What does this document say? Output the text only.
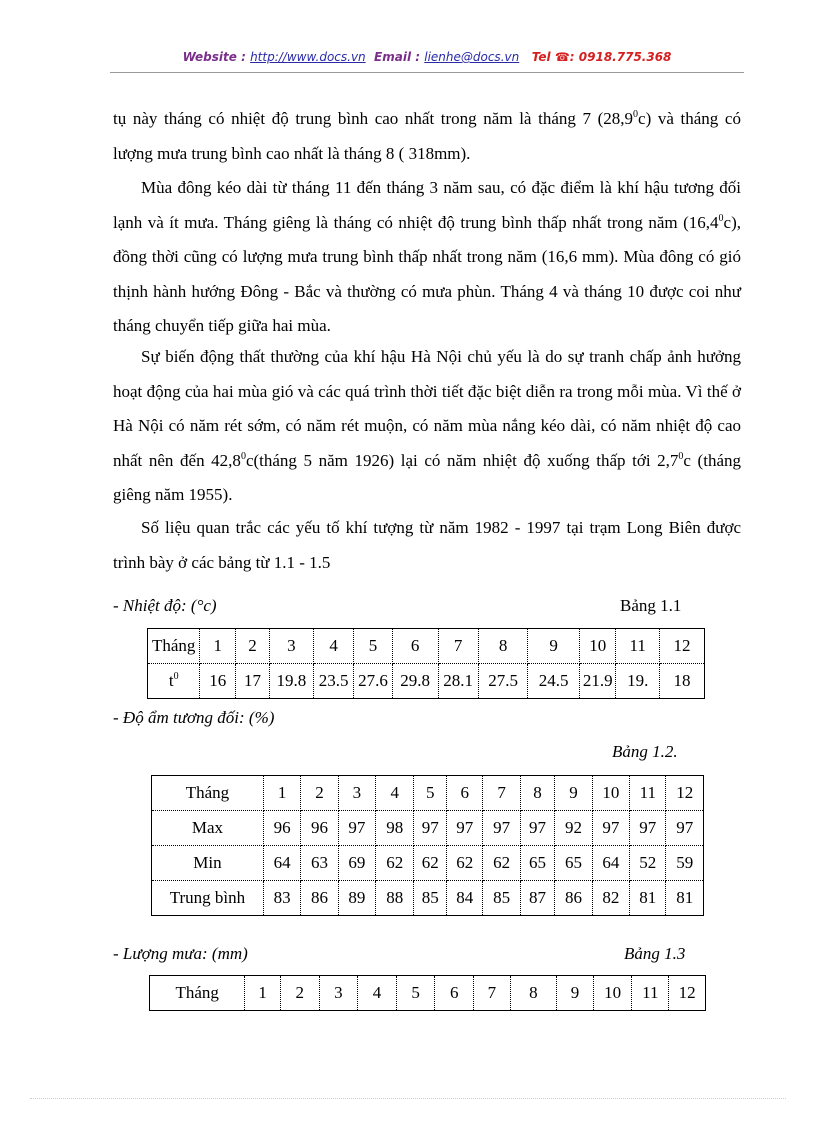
Website : http://www.docs.vn Email : lienhe@docs.vn Tel ☎: 0918.775.368

tụ này tháng có nhiệt độ trung bình cao nhất trong năm là tháng 7 (28,9$^0$c) và tháng có lượng mưa trung bình cao nhất là tháng 8 ( 318mm).

Mùa đông kéo dài từ tháng 11 đến tháng 3 năm sau, có đặc điểm là khí hậu tương đối lạnh và ít mưa. Tháng giêng là tháng có nhiệt độ trung bình thấp nhất trong năm (16,4$^0$c), đồng thời cũng có lượng mưa trung bình thấp nhất trong năm (16,6 mm). Mùa đông có gió thịnh hành hướng Đông - Bắc và thường có mưa phùn. Tháng 4 và tháng 10 được coi như tháng chuyển tiếp giữa hai mùa.

Sự biến động thất thường của khí hậu Hà Nội chủ yếu là do sự tranh chấp ảnh hưởng hoạt động của hai mùa gió và các quá trình thời tiết đặc biệt diễn ra trong mỗi mùa. Vì thế ở Hà Nội có năm rét sớm, có năm rét muộn, có năm mùa nắng kéo dài, có năm nhiệt độ cao nhất nên đến 42,8$^0$c(tháng 5 năm 1926) lại có năm nhiệt độ xuống thấp tới $2,7^0c$ (tháng giêng năm 1955).

Số liệu quan trắc các yếu tố khí tượng từ năm 1982 - 1997 tại trạm Long Biên được trình bày ở các bảng từ 1.1 - 1.5

- Nhiệt độ: (°c)	Bảng 1.1
Tháng	1	2	3	4	5	6	7	8	9	10	11	12
$t^0$	16	17	19.8	23.5	27.6	29.8	28.1	27.5	24.5	21.9	19.	18
- Độ ẩm tương đối: (%)
Bảng 1.2.
Tháng	1	2	3	4	5	6	7	8	9	10	11	12
Max	96	96	97	98	97	97	97	97	92	97	97	97
Min	64	63	69	62	62	62	62	65	65	64	52	59
Trung bình	83	86	89	88	85	84	85	87	86	82	81	81
- Lượng mưa: (mm)	Bảng 1.3
Tháng	1	2	3	4	5	6	7	8	9	10	11	12
